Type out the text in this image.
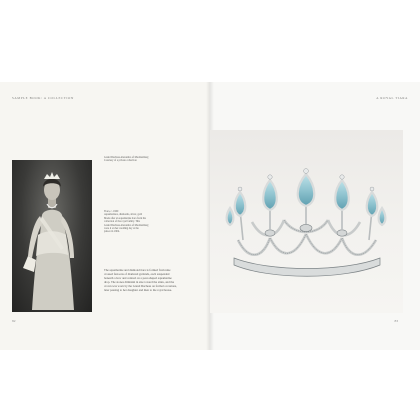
SAMPLE BOOK: A COLLECTION	A ROYAL TIARA
Grand Duchess Alexandra of Mecklenburg
Courtesy of a private collection
Tiara, c. 1900
Aquamarines, diamonds, silver, gold
Made after an aquamarine tiara from the
collection of the royal family. This
Grand Duchess Alexandra of Mecklenburg
wore it on her wedding day at the
palace in 1904.
The aquamarine and diamond tiara is formed from nine crossed festoons of diamond garlands, each suspended beneath a bow and centred on a pear-shaped aquamarine drop. The stones diminish in size toward the sides, and the crown was worn by the Grand Duchess on formal occasions, later passing to her daughter and then to the royal house.
82	83
